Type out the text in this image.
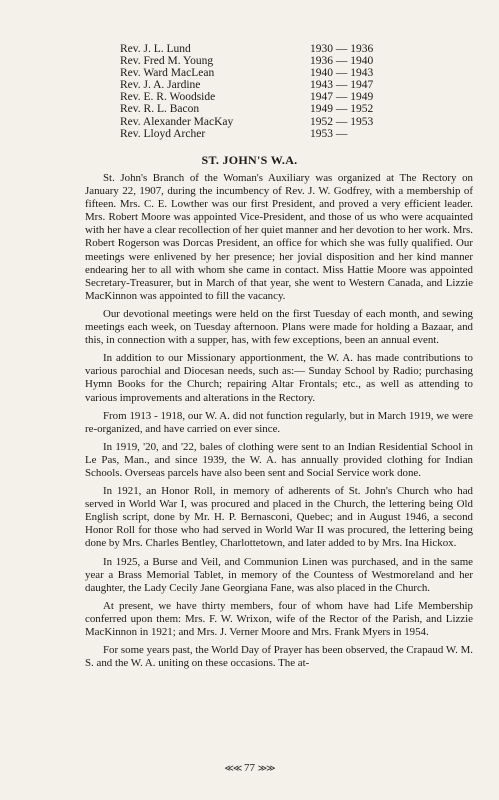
Rev. J. L. Lund	1930 — 1936
Rev. Fred M. Young	1936 — 1940
Rev. Ward MacLean	1940 — 1943
Rev. J. A. Jardine	1943 — 1947
Rev. E. R. Woodside	1947 — 1949
Rev. R. L. Bacon	1949 — 1952
Rev. Alexander MacKay	1952 — 1953
Rev. Lloyd Archer	1953 —
ST. JOHN'S W.A.

St. John's Branch of the Woman's Auxiliary was organized at The Rectory on January 22, 1907, during the incumbency of Rev. J. W. Godfrey, with a membership of fifteen. Mrs. C. E. Lowther was our first President, and proved a very efficient leader. Mrs. Robert Moore was appointed Vice-President, and those of us who were acquainted with her have a clear recollection of her quiet manner and her devotion to her work. Mrs. Robert Rogerson was Dorcas President, an office for which she was fully qualified. Our meetings were enlivened by her presence; her jovial disposition and her kind manner endearing her to all with whom she came in contact. Miss Hattie Moore was appointed Secretary-Treasurer, but in March of that year, she went to Western Canada, and Lizzie MacKinnon was appointed to fill the vacancy.

Our devotional meetings were held on the first Tuesday of each month, and sewing meetings each week, on Tuesday afternoon. Plans were made for holding a Bazaar, and this, in connection with a supper, has, with few exceptions, been an annual event.

In addition to our Missionary apportionment, the W. A. has made contributions to various parochial and Diocesan needs, such as:— Sunday School by Radio; purchasing Hymn Books for the Church; repairing Altar Frontals; etc., as well as attending to various improvements and alterations in the Rectory.

From 1913 - 1918, our W. A. did not function regularly, but in March 1919, we were re-organized, and have carried on ever since.

In 1919, '20, and '22, bales of clothing were sent to an Indian Residential School in Le Pas, Man., and since 1939, the W. A. has annually provided clothing for Indian Schools. Overseas parcels have also been sent and Social Service work done.

In 1921, an Honor Roll, in memory of adherents of St. John's Church who had served in World War I, was procured and placed in the Church, the lettering being Old English script, done by Mr. H. P. Bernasconi, Quebec; and in August 1946, a second Honor Roll for those who had served in World War II was procured, the lettering being done by Mrs. Charles Bentley, Charlottetown, and later added to by Mrs. Ina Hickox.

In 1925, a Burse and Veil, and Communion Linen was purchased, and in the same year a Brass Memorial Tablet, in memory of the Countess of Westmoreland and her daughter, the Lady Cecily Jane Georgiana Fane, was also placed in the Church.

At present, we have thirty members, four of whom have had Life Membership conferred upon them: Mrs. F. W. Wrixon, wife of the Rector of the Parish, and Lizzie MacKinnon in 1921; and Mrs. J. Verner Moore and Mrs. Frank Myers in 1954.

For some years past, the World Day of Prayer has been observed, the Crapaud W. M. S. and the W. A. uniting on these occasions. The at-

≪≪ 77 ≫≫
